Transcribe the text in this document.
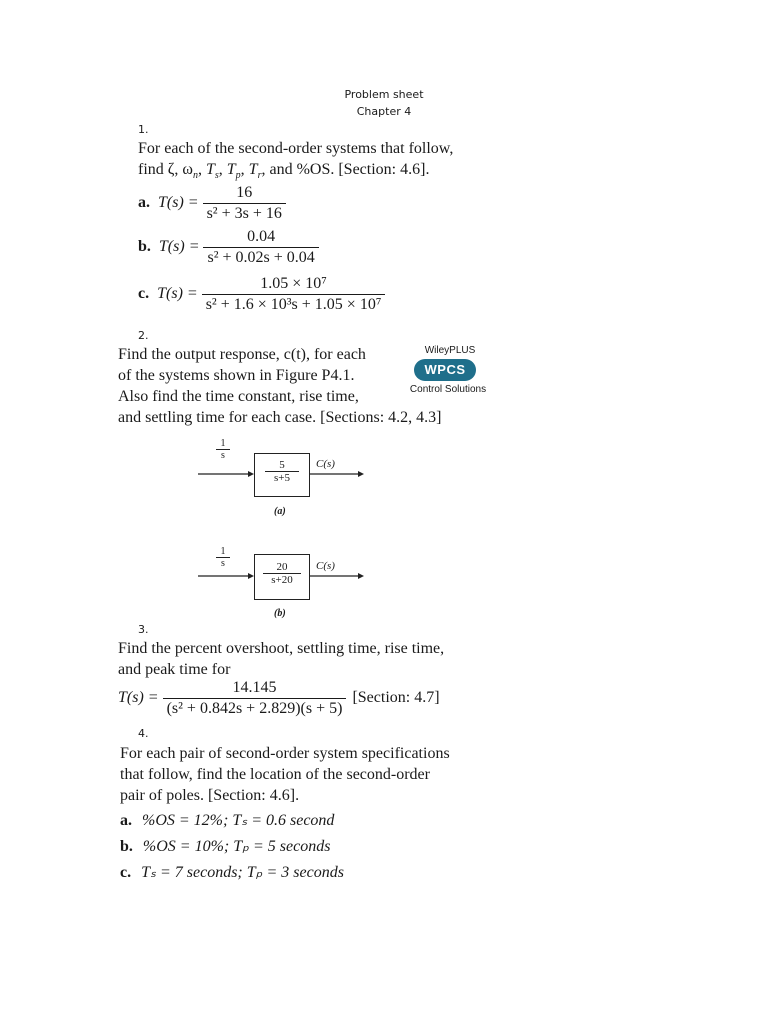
Problem sheet
Chapter 4
1.
For each of the second-order systems that follow,
find ζ, $\omega_n$, $T_s$, $T_p$, $T_r$, and %OS. [Section: 4.6].
a. $T(s) = \frac{16}{\text{s² + 3s + 16}}$
b. $T(s) = \frac{0.04}{\text{s² + 0.02s + 0.04}}$
c. $T(s) = \frac{\text{1.05 × 10⁷}}{\text{s² + 1.6 × 10³s + 1.05 × 10⁷}}$
2.
Find the output response, c(t), for each
of the systems shown in Figure P4.1.
Also find the time constant, rise time,
and settling time for each case. [Sections: 4.2, 4.3]
WileyPLUS
WPCS
Control Solutions
$\frac{1}{s}$
$\frac{5}{s+5} C(s)$
(a)
$\frac{1}{s} \frac{20}{s+20} C(s)$
(b)
3.
Find the percent overshoot, settling time, rise time,
and peak time for
$T(s) = \frac{14.145}{\text{(s² + 0.842s + 2.829)(s + 5)}}$ [Section: 4.7]
4.
For each pair of second-order system specifications
that follow, find the location of the second-order
pair of poles. [Section: 4.6].
a. %OS = 12%; Tₛ = 0.6 second
b. %OS = 10%; Tₚ = 5 seconds
c. Tₛ = 7 seconds; Tₚ = 3 seconds
